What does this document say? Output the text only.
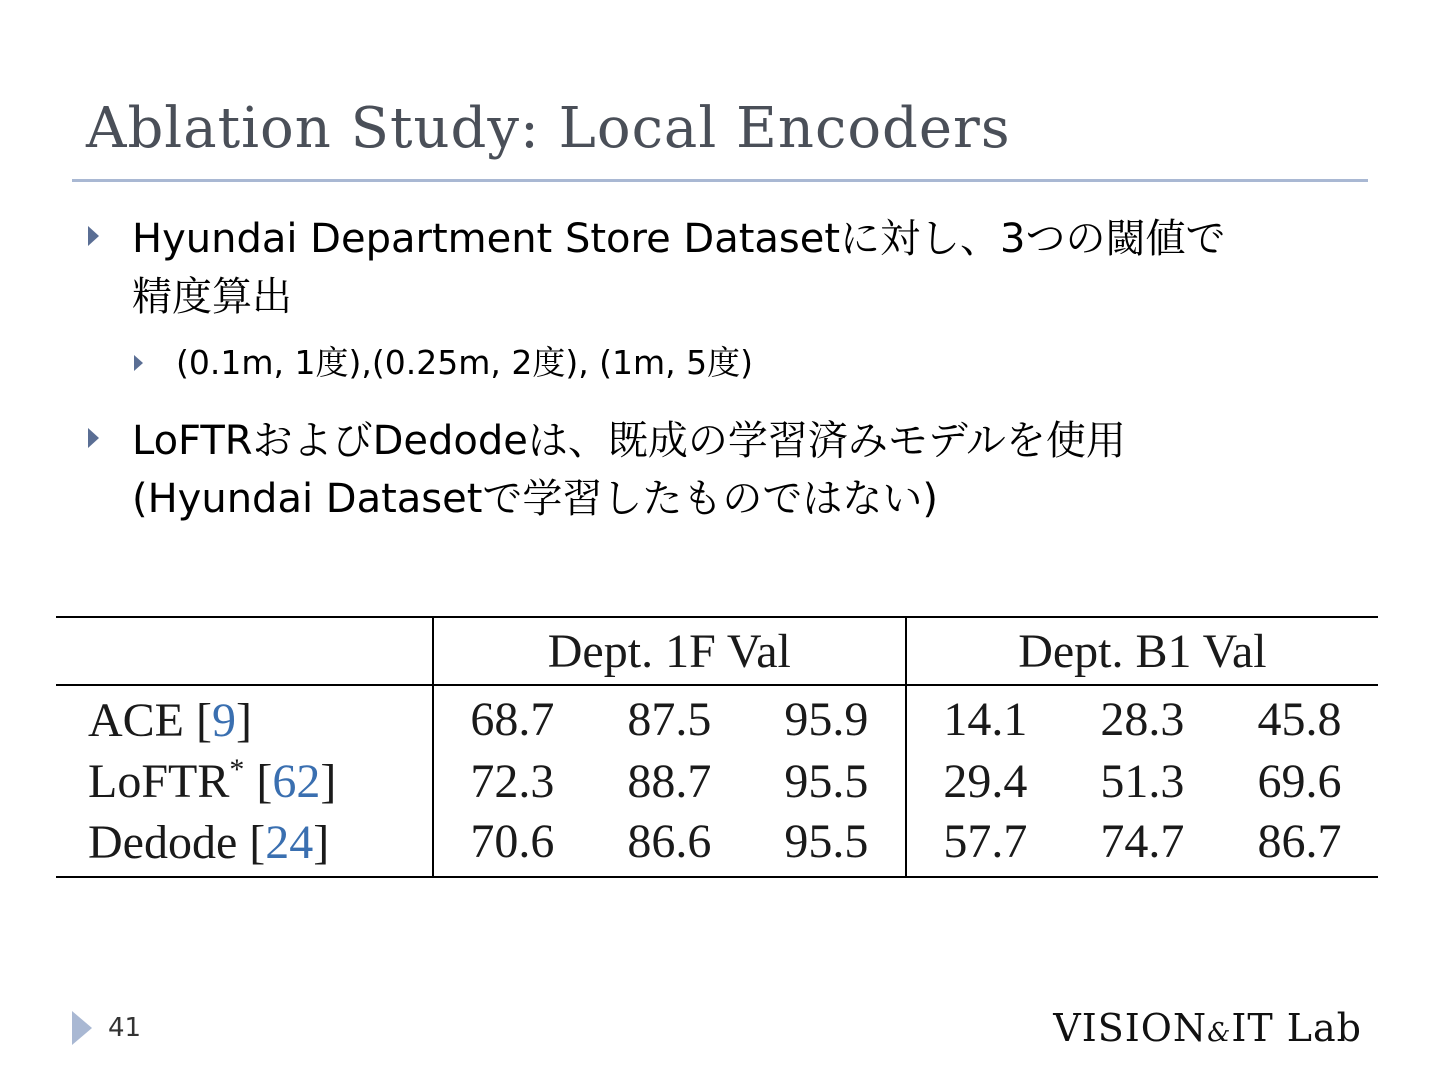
Ablation Study: Local Encoders
Hyundai Department Store Datasetに対し、3つの閾値で
精度算出
(0.1m, 1度),(0.25m, 2度), (1m, 5度)
LoFTRおよびDedodeは、既成の学習済みモデルを使用
(Hyundai Datasetで学習したものではない)
	Dept. 1F Val			Dept. B1 Val		
ACE [9]	68.7	87.5	95.9	14.1	28.3	45.8
LoFTR* [62]	72.3	88.7	95.5	29.4	51.3	69.6
Dedode [24]	70.6	86.6	95.5	57.7	74.7	86.7
41	VISION&IT Lab
